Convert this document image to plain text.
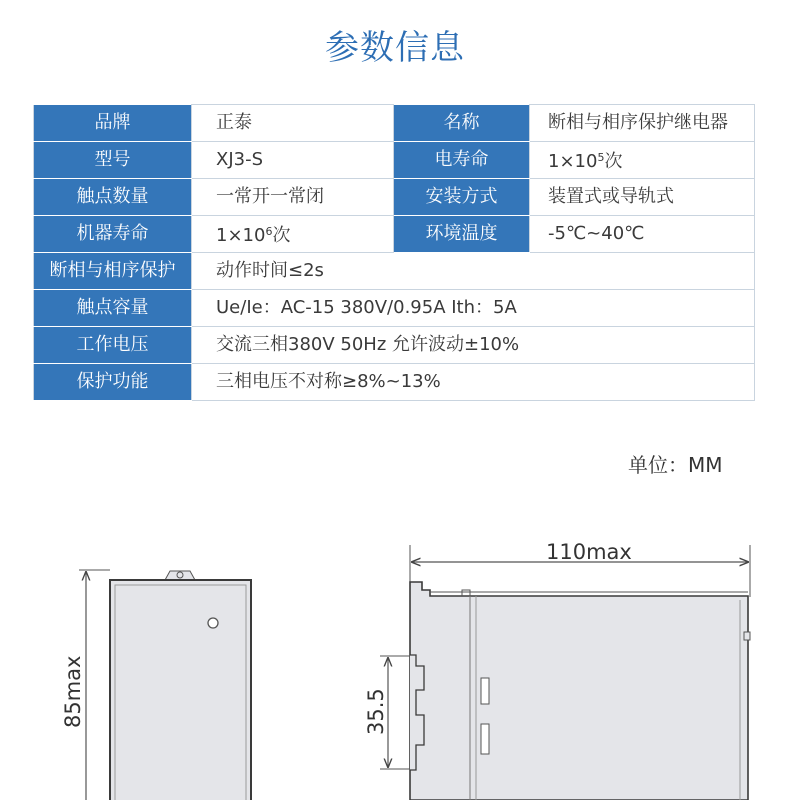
参数信息
品牌	正泰	名称	断相与相序保护继电器
型号	XJ3-S	电寿命	$1\times 10^5$次
触点数量	一常开一常闭	安装方式	装置式或导轨式
机器寿命	$1\times 10^6$次	环境温度	-5℃~40℃
断相与相序保护	动作时间≤2s		
触点容量	Ue/Ie：AC-15 380V/0.95A Ith：5A		
工作电压	交流三相380V 50Hz 允许波动±10%		
保护功能	三相电压不对称≥8%~13%		
单位：MM
85max
110max
35.5
